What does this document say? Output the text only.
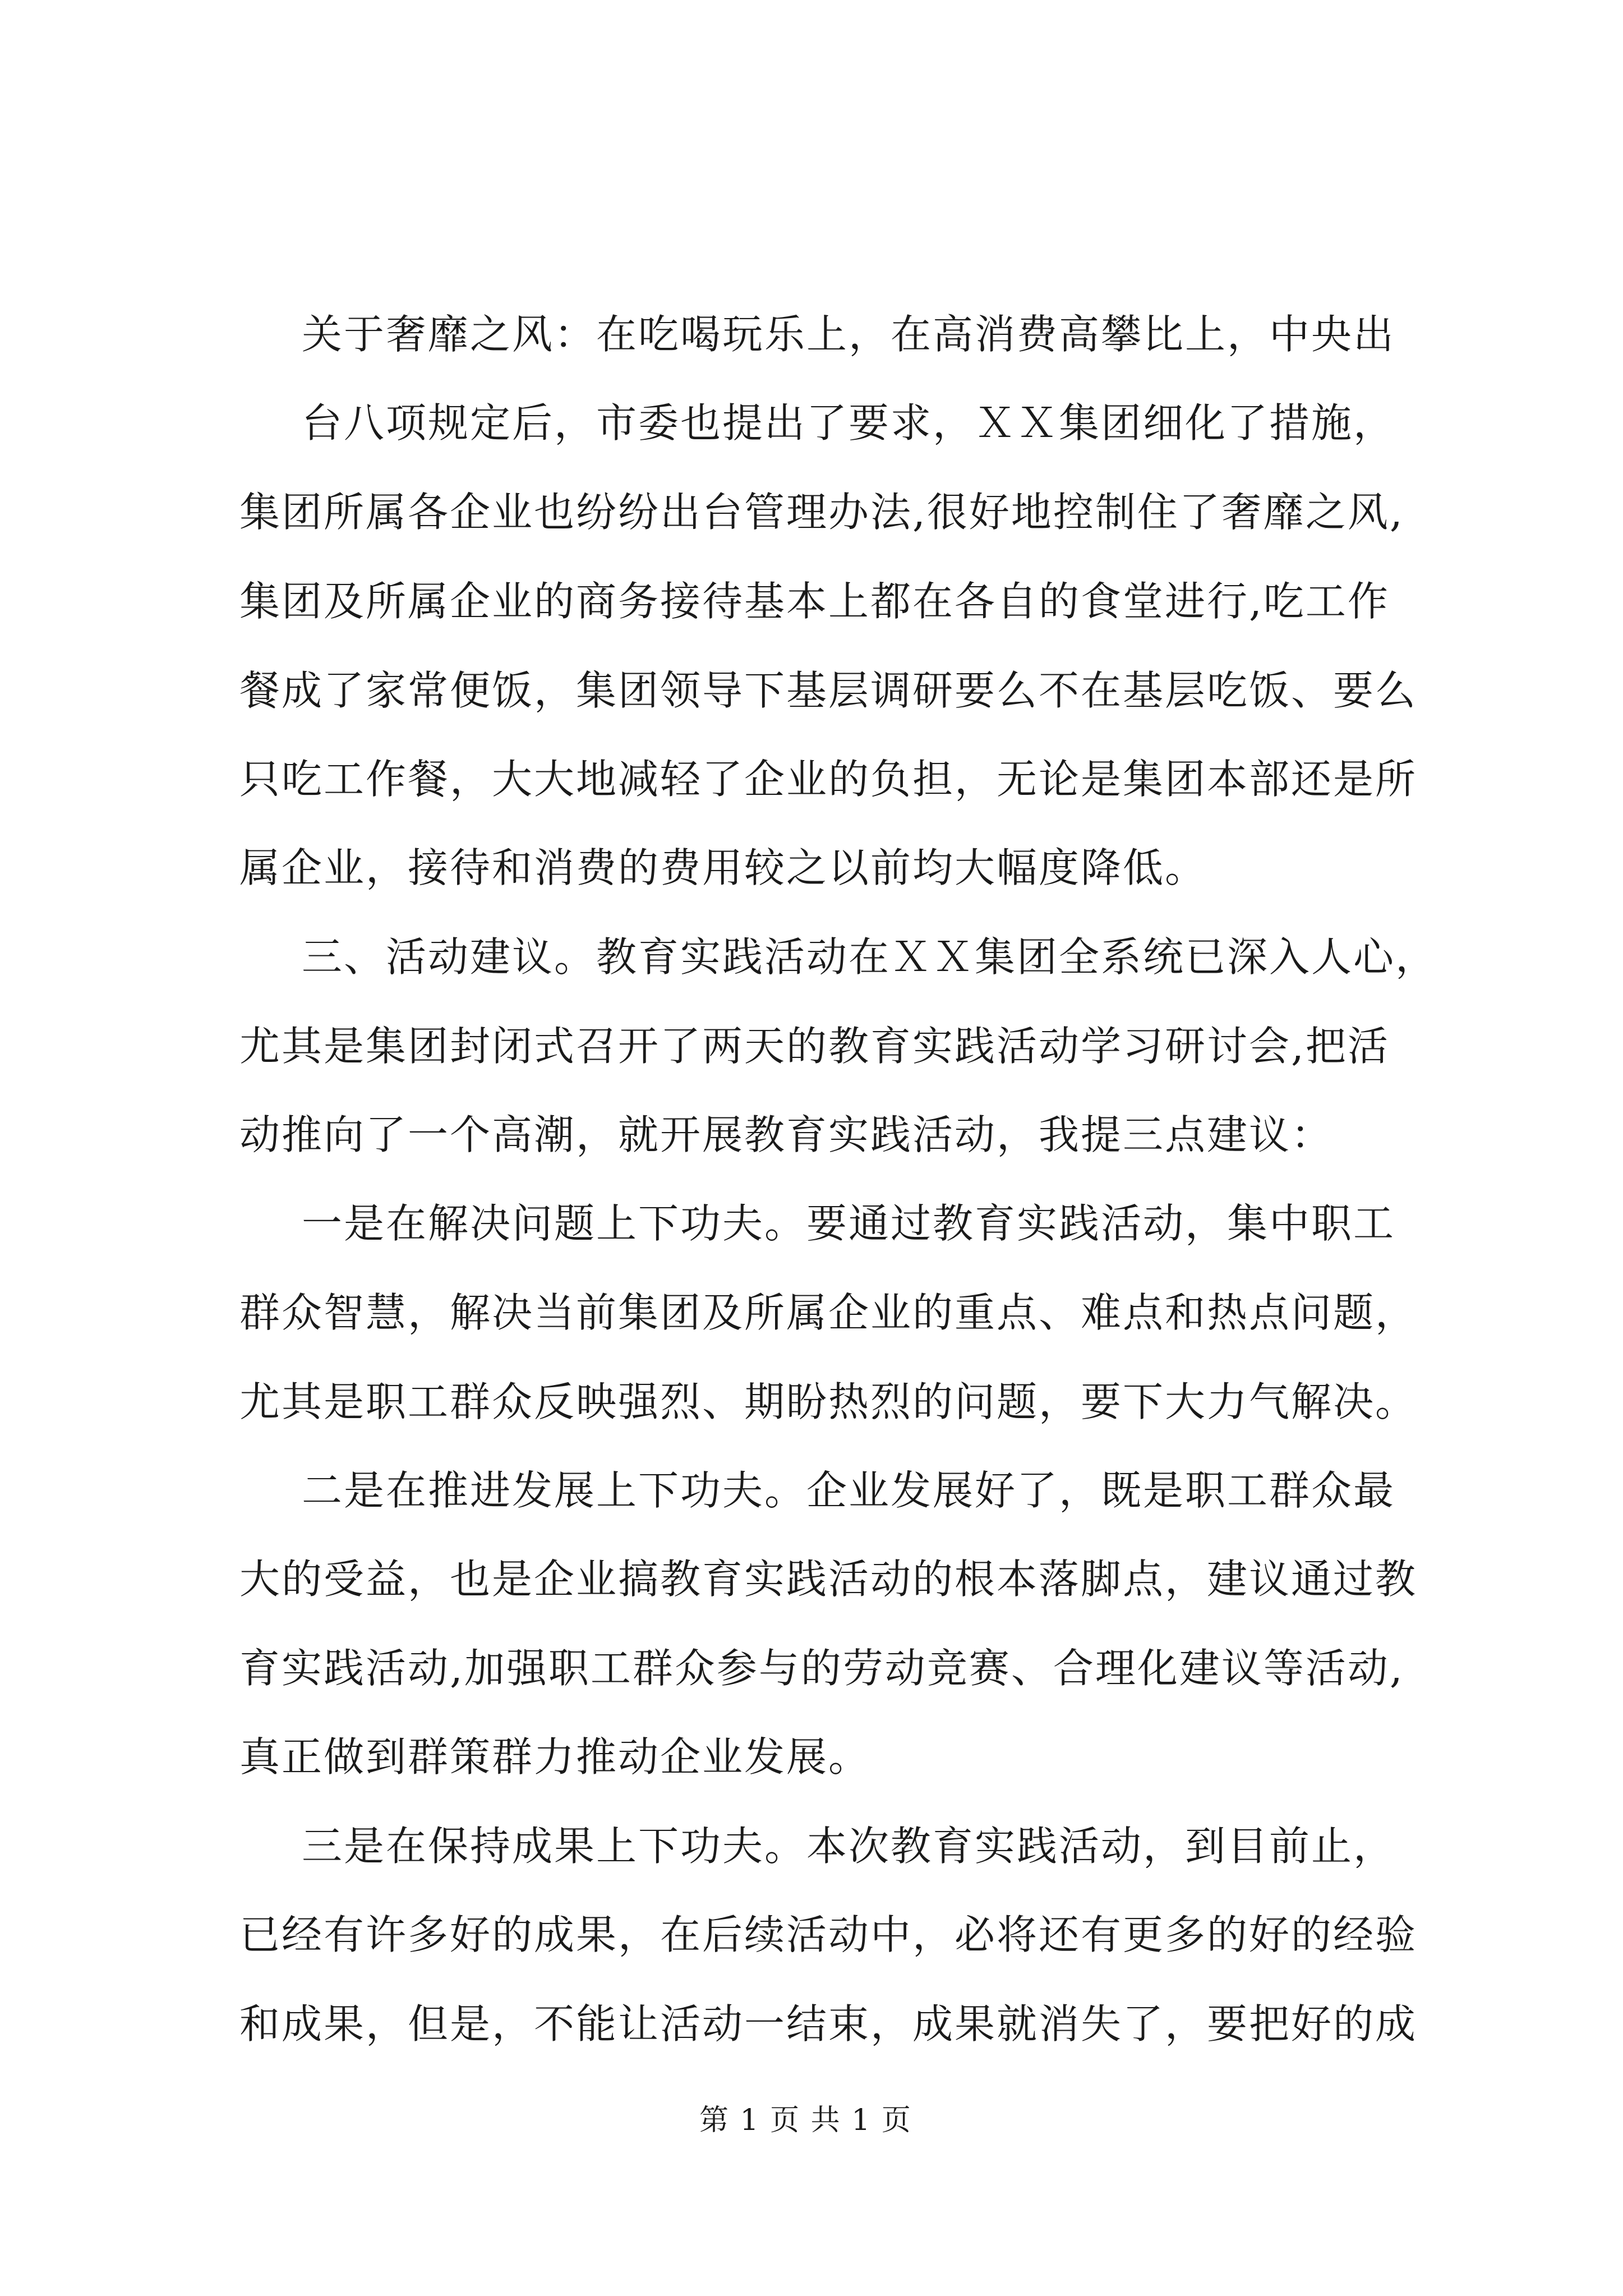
关于奢靡之风：在吃喝玩乐上，在高消费高攀比上，中央出

台八项规定后，市委也提出了要求，ＸＸ集团细化了措施，

集团所属各企业也纷纷出台管理办法,很好地控制住了奢靡之风,

集团及所属企业的商务接待基本上都在各自的食堂进行,吃工作

餐成了家常便饭，集团领导下基层调研要么不在基层吃饭、要么

只吃工作餐，大大地减轻了企业的负担，无论是集团本部还是所

属企业，接待和消费的费用较之以前均大幅度降低。

三、活动建议。教育实践活动在ＸＸ集团全系统已深入人心，

尤其是集团封闭式召开了两天的教育实践活动学习研讨会,把活

动推向了一个高潮，就开展教育实践活动，我提三点建议：

一是在解决问题上下功夫。要通过教育实践活动，集中职工

群众智慧，解决当前集团及所属企业的重点、难点和热点问题，

尤其是职工群众反映强烈、期盼热烈的问题，要下大力气解决。

二是在推进发展上下功夫。企业发展好了，既是职工群众最

大的受益，也是企业搞教育实践活动的根本落脚点，建议通过教

育实践活动,加强职工群众参与的劳动竞赛、合理化建议等活动,

真正做到群策群力推动企业发展。

三是在保持成果上下功夫。本次教育实践活动，到目前止，

已经有许多好的成果，在后续活动中，必将还有更多的好的经验

和成果，但是，不能让活动一结束，成果就消失了，要把好的成

第 1 页 共 1 页
